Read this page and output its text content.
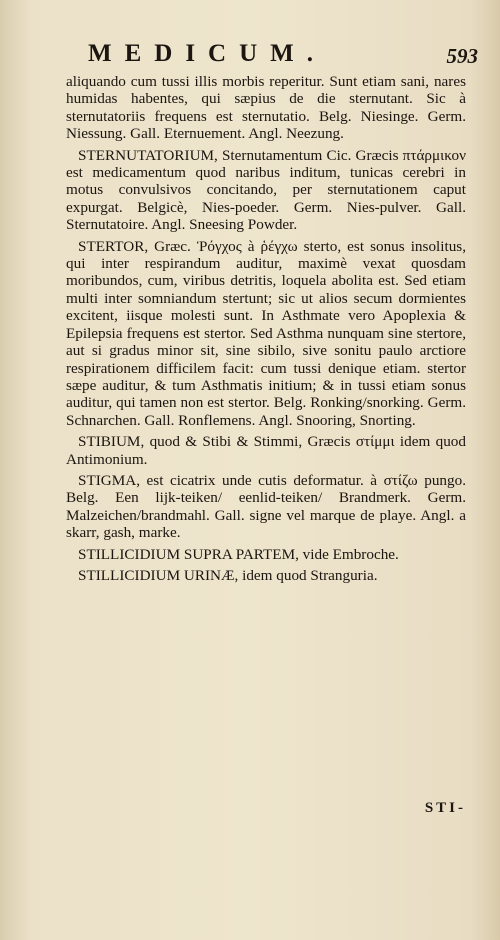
MEDICUM.	593

aliquando cum tussi illis morbis reperitur. Sunt etiam sani, nares humidas habentes, qui sæpius de die sternutant. Sic à sternutatoriis frequens est sternutatio. Belg. Niesinge. Germ. Niessung. Gall. Eternuement. Angl. Neezung.

STERNUTATORIUM, Sternutamentum Cic. Græcis πτάρμικον est medicamentum quod naribus inditum, tunicas cerebri in motus convulsivos concitando, per sternutationem caput expurgat. Belgicè, Nies-poeder. Germ. Nies-pulver. Gall. Sternutatoire. Angl. Sneesing Powder.

STERTOR, Græc. Ῥόγχος à ῥέγχω sterto, est sonus insolitus, qui inter respirandum auditur, maximè vexat quosdam moribundos, cum, viribus detritis, loquela abolita est. Sed etiam multi inter somniandum stertunt; sic ut alios secum dormientes excitent, iisque molesti sunt. In Asthmate vero Apoplexia & Epilepsia frequens est stertor. Sed Asthma nunquam sine stertore, aut si gradus minor sit, sine sibilo, sive sonitu paulo arctiore respirationem difficilem facit: cum tussi denique etiam. stertor sæpe auditur, & tum Asthmatis initium; & in tussi etiam sonus auditur, qui tamen non est stertor. Belg. Ronking/snorking. Germ. Schnarchen. Gall. Ronflemens. Angl. Snooring, Snorting.

STIBIUM, quod & Stibi & Stimmi, Græcis στίμμι idem quod Antimonium.

STIGMA, est cicatrix unde cutis deformatur. à στίζω pungo. Belg. Een lijk-teiken/ eenlid-teiken/ Brandmerk. Germ. Malzeichen/brandmahl. Gall. signe vel marque de playe. Angl. a skarr, gash, marke.

STILLICIDIUM SUPRA PARTEM, vide Embroche.

STILLICIDIUM URINÆ, idem quod Stranguria.

STI-
